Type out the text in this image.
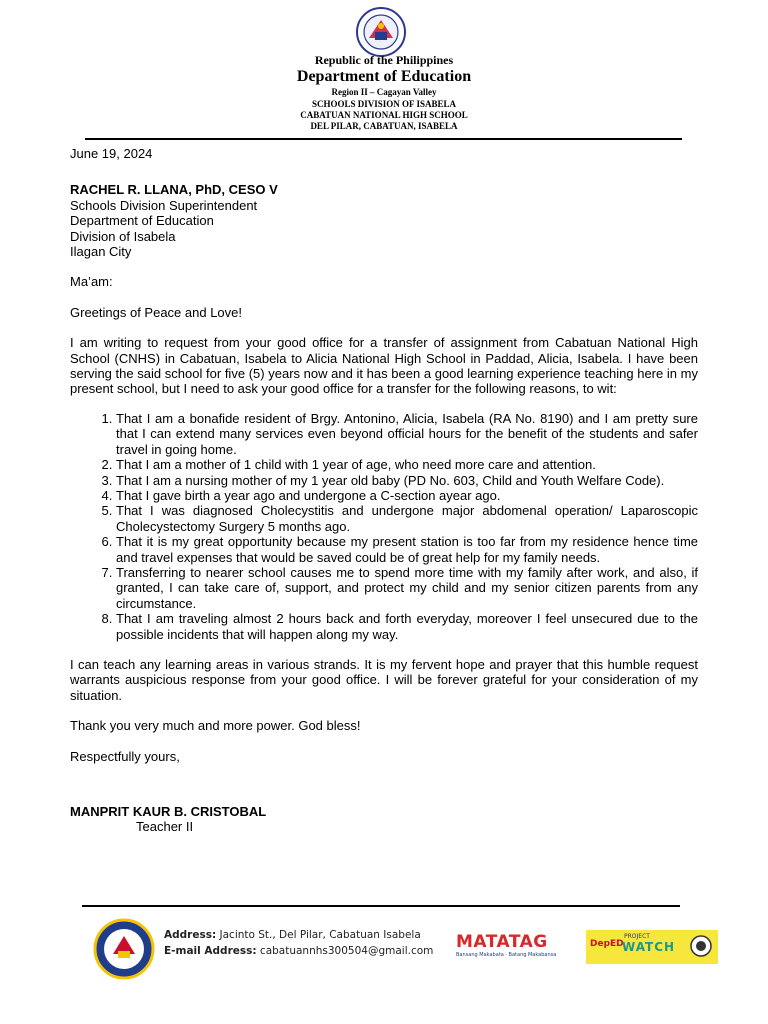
Republic of the Philippines
Department of Education
Region II – Cagayan Valley
SCHOOLS DIVISION OF ISABELA
CABATUAN NATIONAL HIGH SCHOOL
DEL PILAR, CABATUAN, ISABELA
June 19, 2024
RACHEL R. LLANA, PhD, CESO V
Schools Division Superintendent
Department of Education
Division of Isabela
Ilagan City
Ma’am:
Greetings of Peace and Love!
I am writing to request from your good office for a transfer of assignment from Cabatuan National High School (CNHS) in Cabatuan, Isabela to Alicia National High School in Paddad, Alicia, Isabela. I have been serving the said school for five (5) years now and it has been a good learning experience teaching here in my present school, but I need to ask your good office for a transfer for the following reasons, to wit:
1. That I am a bonafide resident of Brgy. Antonino, Alicia, Isabela (RA No. 8190) and I am pretty sure that I can extend many services even beyond official hours for the benefit of the students and safer travel in going home.
2. That I am a mother of 1 child with 1 year of age, who need more care and attention.
3. That I am a nursing mother of my 1 year old baby (PD No. 603, Child and Youth Welfare Code).
4. That I gave birth a year ago and undergone a C-section ayear ago.
5. That I was diagnosed Cholecystitis and undergone major abdomenal operation/ Laparoscopic Cholecystectomy Surgery 5 months ago.
6. That it is my great opportunity because my present station is too far from my residence hence time and travel expenses that would be saved could be of great help for my family needs.
7. Transferring to nearer school causes me to spend more time with my family after work, and also, if granted, I can take care of, support, and protect my child and my senior citizen parents from any circumstance.
8. That I am traveling almost 2 hours back and forth everyday, moreover I feel unsecured due to the possible incidents that will happen along my way.
I can teach any learning areas in various strands. It is my fervent hope and prayer that this humble request warrants auspicious response from your good office. I will be forever grateful for your consideration of my situation.
Thank you very much and more power. God bless!
Respectfully yours,
MANPRIT KAUR B. CRISTOBAL
Teacher II
Address: Jacinto St., Del Pilar, Cabatuan Isabela
E-mail Address: cabatuannhs300504@gmail.com MATATAG
Bansang Makabata · Batang Makabansa
DepED
PROJECT
WATCH
